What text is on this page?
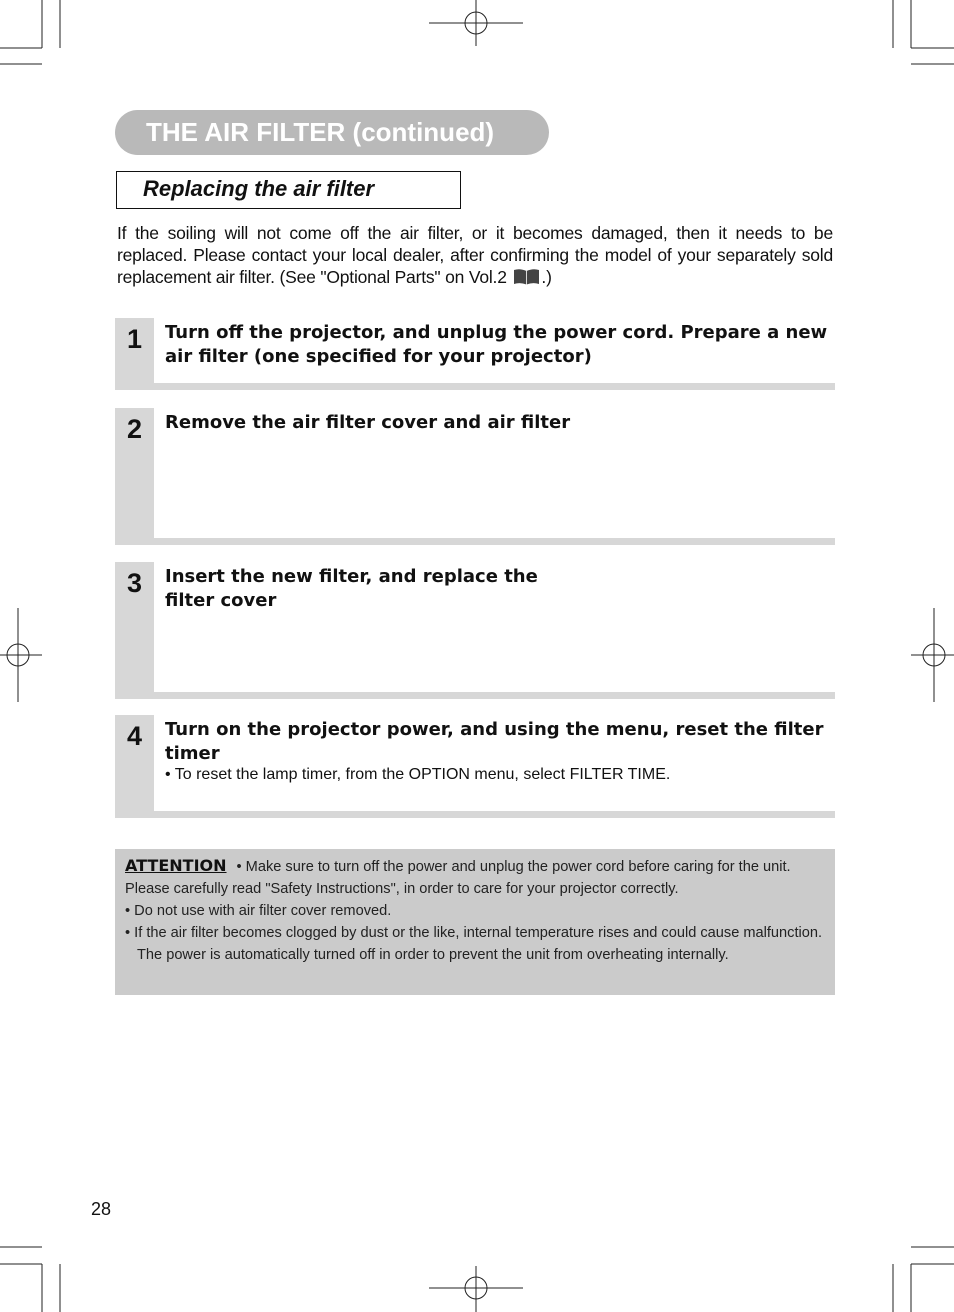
THE AIR FILTER (continued)
Replacing the air filter
If the soiling will not come off the air filter, or it becomes damaged, then it needs to be replaced. Please contact your local dealer, after confirming the model of your separately sold replacement air filter. (See "Optional Parts" on Vol.2 .)
1	Turn off the projector, and unplug the power cord. Prepare a new air filter (one specified for your projector)
2	Remove the air filter cover and air filter
3	Insert the new filter, and replace the filter cover
4	Turn on the projector power, and using the menu, reset the filter timer
• To reset the lamp timer, from the OPTION menu, select FILTER TIME.
ATTENTION • Make sure to turn off the power and unplug the power cord before caring for the unit. Please carefully read "Safety Instructions", in order to care for your projector correctly.
• Do not use with air filter cover removed.
• If the air filter becomes clogged by dust or the like, internal temperature rises and could cause malfunction. The power is automatically turned off in order to prevent the unit from overheating internally.
28
